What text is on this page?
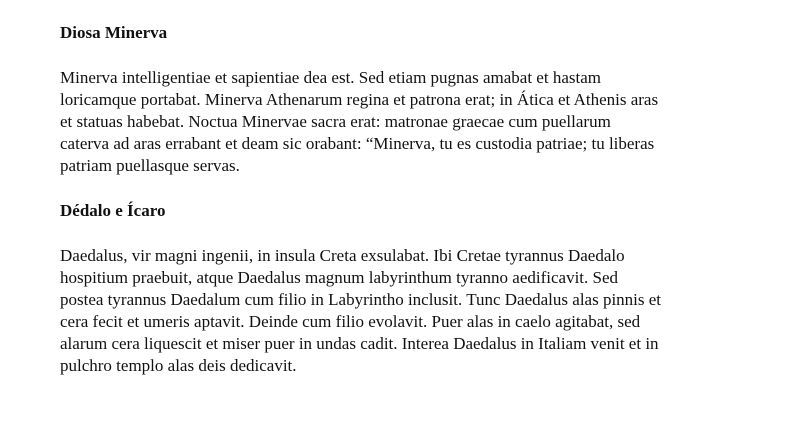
Diosa Minerva

Minerva intelligentiae et sapientiae dea est. Sed etiam pugnas amabat et hastam
loricamque portabat. Minerva Athenarum regina et patrona erat; in Ática et Athenis aras
et statuas habebat. Noctua Minervae sacra erat: matronae graecae cum puellarum
caterva ad aras errabant et deam sic orabant: “Minerva, tu es custodia patriae; tu liberas
patriam puellasque servas.

Dédalo e Ícaro

Daedalus, vir magni ingenii, in insula Creta exsulabat. Ibi Cretae tyrannus Daedalo
hospitium praebuit, atque Daedalus magnum labyrinthum tyranno aedificavit. Sed
postea tyrannus Daedalum cum filio in Labyrintho inclusit. Tunc Daedalus alas pinnis et
cera fecit et umeris aptavit. Deinde cum filio evolavit. Puer alas in caelo agitabat, sed
alarum cera liquescit et miser puer in undas cadit. Interea Daedalus in Italiam venit et in
pulchro templo alas deis dedicavit.
